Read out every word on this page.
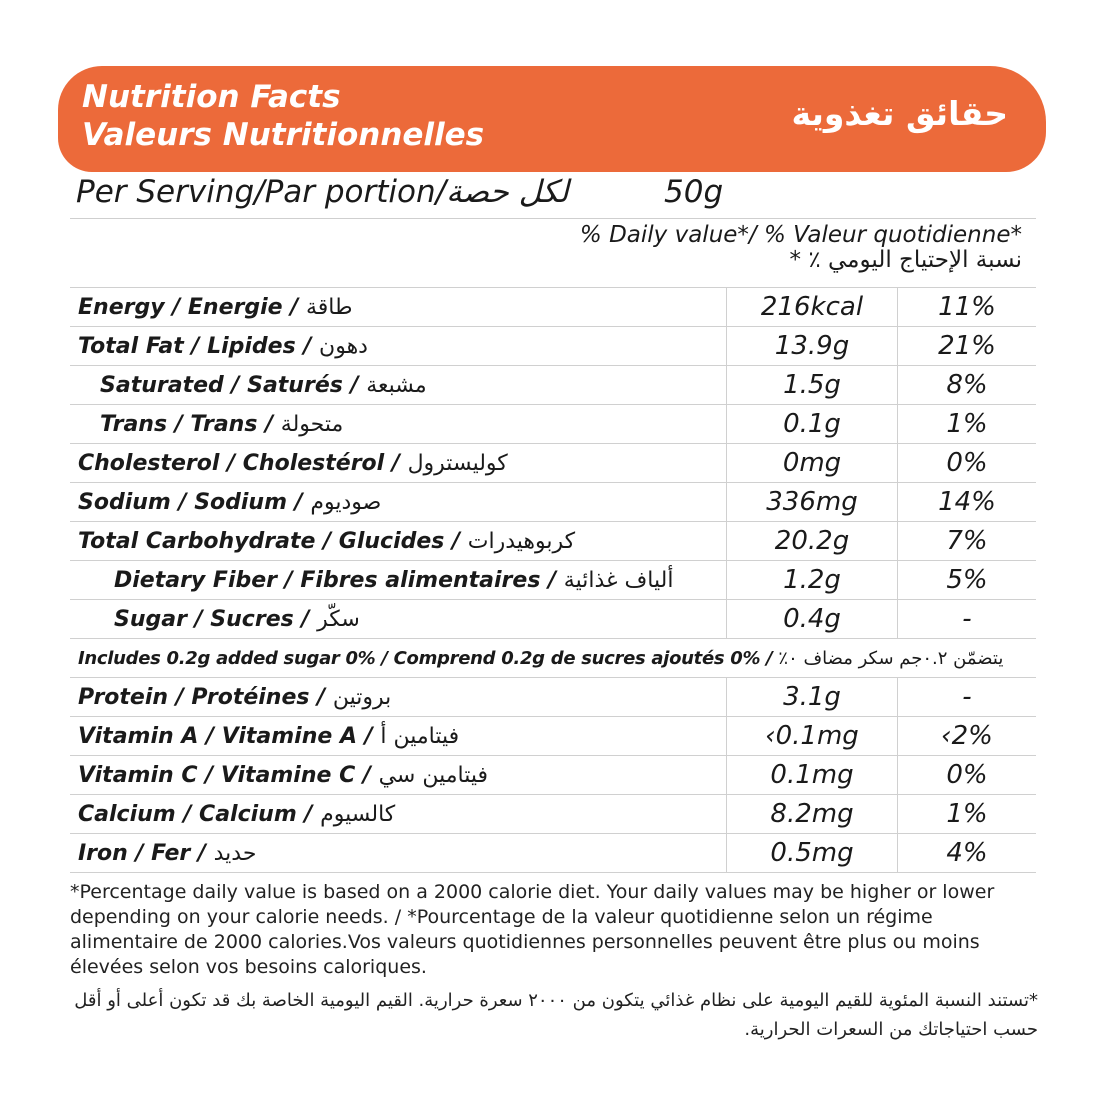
Nutrition Facts
Valeurs Nutritionnelles
حقائق تغذوية
Per Serving/Par portion/لكل حصة	50g
% Daily value*/ % Valeur quotidienne*
نسبة الإحتياج اليومي ٪ *
Energy / Energie / طاقة	216kcal	11%
Total Fat / Lipides / دهون	13.9g	21%
Saturated / Saturés / مشبعة	1.5g	8%
Trans / Trans / متحولة	0.1g	1%
Cholesterol / Cholestérol / كوليسترول	0mg	0%
Sodium / Sodium / صوديوم	336mg	14%
Total Carbohydrate / Glucides / كربوهيدرات	20.2g	7%
Dietary Fiber / Fibres alimentaires / ألياف غذائية	1.2g	5%
Sugar / Sucres / سكّر	0.4g	-
Includes 0.2g added sugar 0% / Comprend 0.2g de sucres ajoutés 0% / يتضمّن ٠.٢جم سكر مضاف ٠٪		
Protein / Protéines / بروتين	3.1g	-
Vitamin A / Vitamine A / فيتامين أ	‹0.1mg	‹2%
Vitamin C / Vitamine C / فيتامين سي	0.1mg	0%
Calcium / Calcium / كالسيوم	8.2mg	1%
Iron / Fer / حديد	0.5mg	4%
*Percentage daily value is based on a 2000 calorie diet. Your daily values may be higher or lower depending on your calorie needs. / *Pourcentage de la valeur quotidienne selon un régime alimentaire de 2000 calories.Vos valeurs quotidiennes personnelles peuvent être plus ou moins élevées selon vos besoins caloriques.
*تستند النسبة المئوية للقيم اليومية على نظام غذائي يتكون من ٢٠٠٠ سعرة حرارية. القيم اليومية الخاصة بك قد تكون أعلى أو أقل حسب احتياجاتك من السعرات الحرارية.
